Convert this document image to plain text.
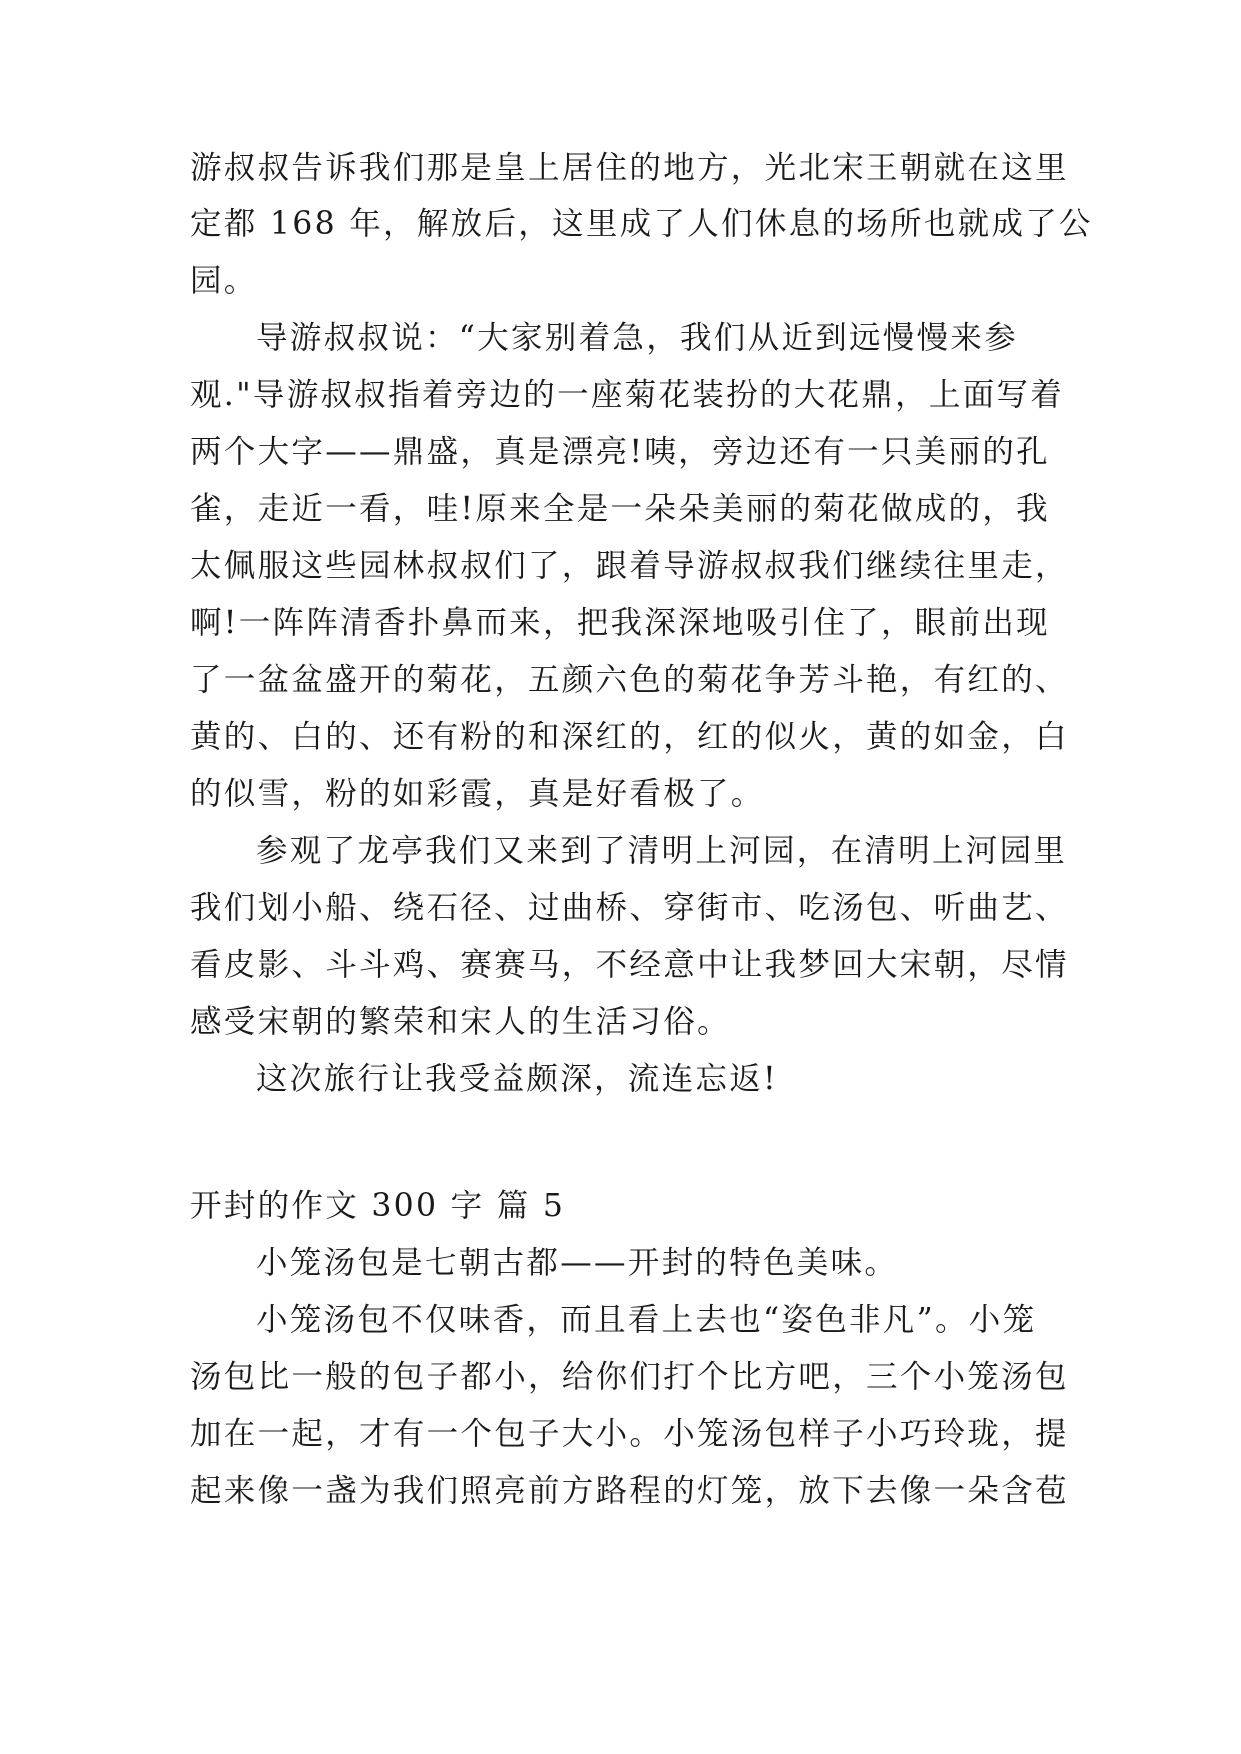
游叔叔告诉我们那是皇上居住的地方，光北宋王朝就在这里
定都 168 年，解放后，这里成了人们休息的场所也就成了公
园。
导游叔叔说：“大家别着急，我们从近到远慢慢来参
观."导游叔叔指着旁边的一座菊花装扮的大花鼎，上面写着
两个大字——鼎盛，真是漂亮!咦，旁边还有一只美丽的孔
雀，走近一看，哇!原来全是一朵朵美丽的菊花做成的，我
太佩服这些园林叔叔们了，跟着导游叔叔我们继续往里走，
啊!一阵阵清香扑鼻而来，把我深深地吸引住了，眼前出现
了一盆盆盛开的菊花，五颜六色的菊花争芳斗艳，有红的、
黄的、白的、还有粉的和深红的，红的似火，黄的如金，白
的似雪，粉的如彩霞，真是好看极了。
参观了龙亭我们又来到了清明上河园，在清明上河园里
我们划小船、绕石径、过曲桥、穿街市、吃汤包、听曲艺、
看皮影、斗斗鸡、赛赛马，不经意中让我梦回大宋朝，尽情
感受宋朝的繁荣和宋人的生活习俗。
这次旅行让我受益颇深，流连忘返!
开封的作文 300 字 篇 5
小笼汤包是七朝古都——开封的特色美味。
小笼汤包不仅味香，而且看上去也“姿色非凡”。小笼
汤包比一般的包子都小，给你们打个比方吧，三个小笼汤包
加在一起，才有一个包子大小。小笼汤包样子小巧玲珑，提
起来像一盏为我们照亮前方路程的灯笼，放下去像一朵含苞
